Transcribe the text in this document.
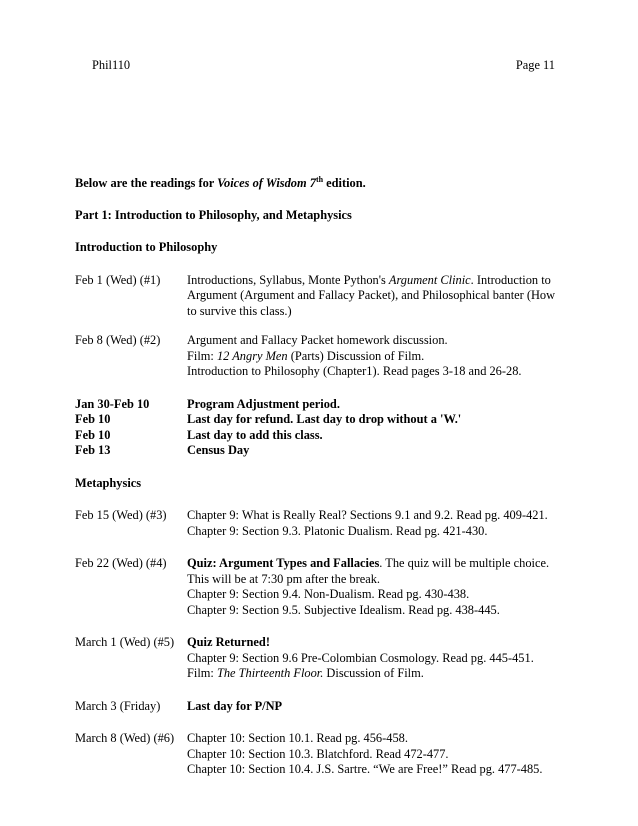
Phil110	Page 11
Below are the readings for Voices of Wisdom 7th edition.
Part 1: Introduction to Philosophy, and Metaphysics
Introduction to Philosophy
Feb 1 (Wed) (#1)	Introductions, Syllabus, Monte Python's Argument Clinic. Introduction to
Argument (Argument and Fallacy Packet), and Philosophical banter (How
to survive this class.)
Feb 8 (Wed) (#2)	Argument and Fallacy Packet homework discussion.
Film: 12 Angry Men (Parts) Discussion of Film.
Introduction to Philosophy (Chapter1). Read pages 3-18 and 26-28.
Jan 30-Feb 10	Program Adjustment period.
Feb 10	Last day for refund. Last day to drop without a 'W.'
Feb 10	Last day to add this class.
Feb 13	Census Day
Metaphysics
Feb 15 (Wed) (#3)	Chapter 9: What is Really Real? Sections 9.1 and 9.2. Read pg. 409-421.
Chapter 9: Section 9.3. Platonic Dualism. Read pg. 421-430.
Feb 22 (Wed) (#4)	Quiz: Argument Types and Fallacies. The quiz will be multiple choice.
This will be at 7:30 pm after the break.
Chapter 9: Section 9.4. Non-Dualism. Read pg. 430-438.
Chapter 9: Section 9.5. Subjective Idealism. Read pg. 438-445.
March 1 (Wed) (#5)	Quiz Returned!
Chapter 9: Section 9.6 Pre-Colombian Cosmology. Read pg. 445-451.
Film: The Thirteenth Floor. Discussion of Film.
March 3 (Friday)	Last day for P/NP
March 8 (Wed) (#6)	Chapter 10: Section 10.1. Read pg. 456-458.
Chapter 10: Section 10.3. Blatchford. Read 472-477.
Chapter 10: Section 10.4. J.S. Sartre. “We are Free!” Read pg. 477-485.
